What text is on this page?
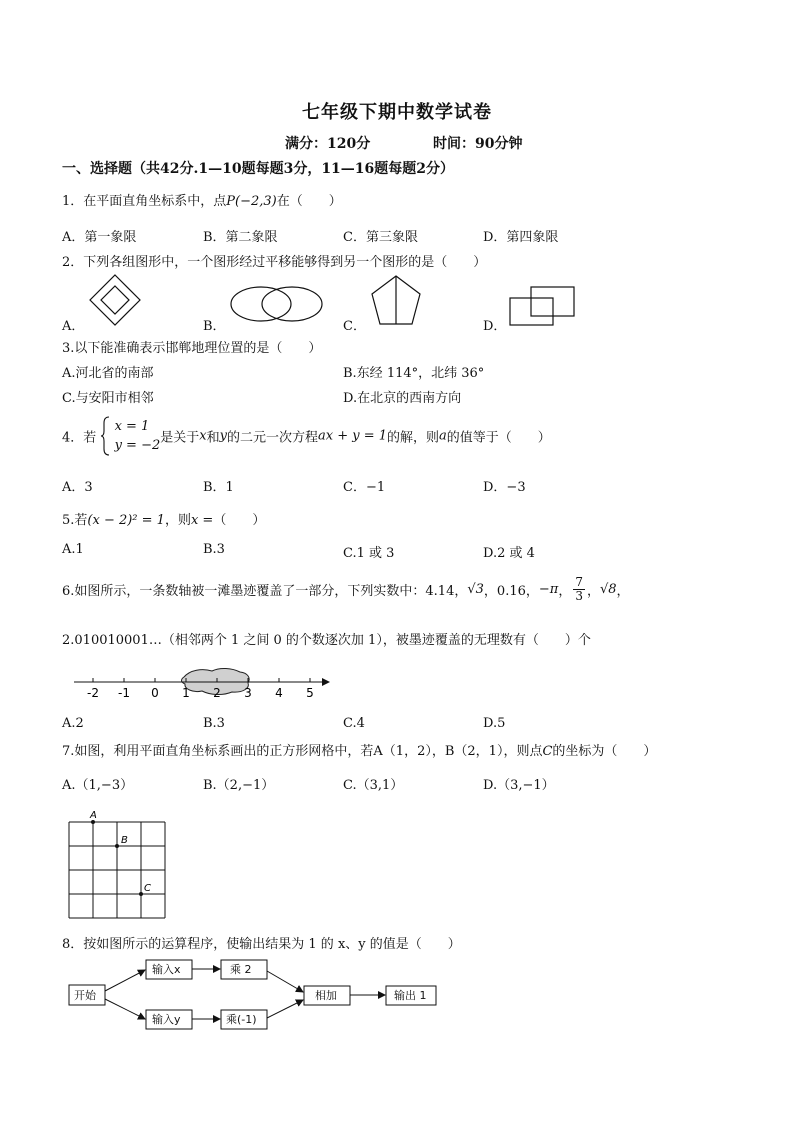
七年级下期中数学试卷
满分：120分	时间：90分钟
一、选择题（共42分.1—10题每题3分，11—16题每题2分）
1．在平面直角坐标系中，点P(−2,3)在（　　）
A．第一象限	B．第二象限	C．第三象限	D．第四象限
2．下列各组图形中，一个图形经过平移能够得到另一个图形的是（　　）
A．	B．	C．	D．
3.以下能准确表示邯郸地理位置的是（　　）
A.河北省的南部	B.东经 114°，北纬 36°
C.与安阳市相邻	D.在北京的西南方向
4．若
x = 1
y = −2 是关于x和y的二元一次方程ax + y = 1的解，则a的值等于（　　）
A．3	B．1	C．−1	D．−3
5.若(x − 2)² = 1，则x =（　　）
A.1	B.3	C.1 或 3	D.2 或 4
6.如图所示，一条数轴被一滩墨迹覆盖了一部分，下列实数中：4.14，√3，0.16，−π， $\frac{7}{3}$ ，√8，
2.010010001…（相邻两个 1 之间 0 的个数逐次加 1），被墨迹覆盖的无理数有（　　）个
-2 -1 0 1 2 3 4 5
A.2	B.3	C.4	D.5
7.如图，利用平面直角坐标系画出的正方形网格中，若A（1，2），B（2，1），则点C的坐标为（　　）
A.（1,−3）	B.（2,−1）	C.（3,1）	D.（3,−1）
A
B
C
8．按如图所示的运算程序，使输出结果为 1 的 x、y 的值是（　　）
开始
输入x	乘 2
输入y	乘(-1)
相加	输出 1
